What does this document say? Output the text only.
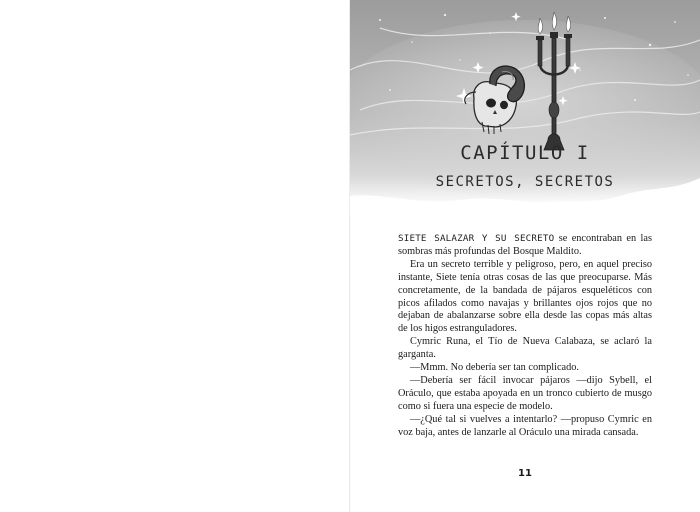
CAPÍTULO I
SECRETOS, SECRETOS

SIETE SALAZAR Y SU SECRETO se encontraban en las sombras más profundas del Bosque Maldito.

Era un secreto terrible y peligroso, pero, en aquel preciso instante, Siete tenía otras cosas de las que preocuparse. Más concretamente, de la bandada de pájaros esqueléticos con picos afilados como navajas y brillantes ojos rojos que no dejaban de abalanzarse sobre ella desde las copas más altas de los higos estranguladores.

Cymric Runa, el Tío de Nueva Calabaza, se aclaró la garganta.

—Mmm. No debería ser tan complicado.

—Debería ser fácil invocar pájaros —dijo Sybell, el Oráculo, que estaba apoyada en un tronco cubierto de musgo como si fuera una especie de modelo.

—¿Qué tal si vuelves a intentarlo? —propuso Cymric en voz baja, antes de lanzarle al Oráculo una mirada cansada.

11
